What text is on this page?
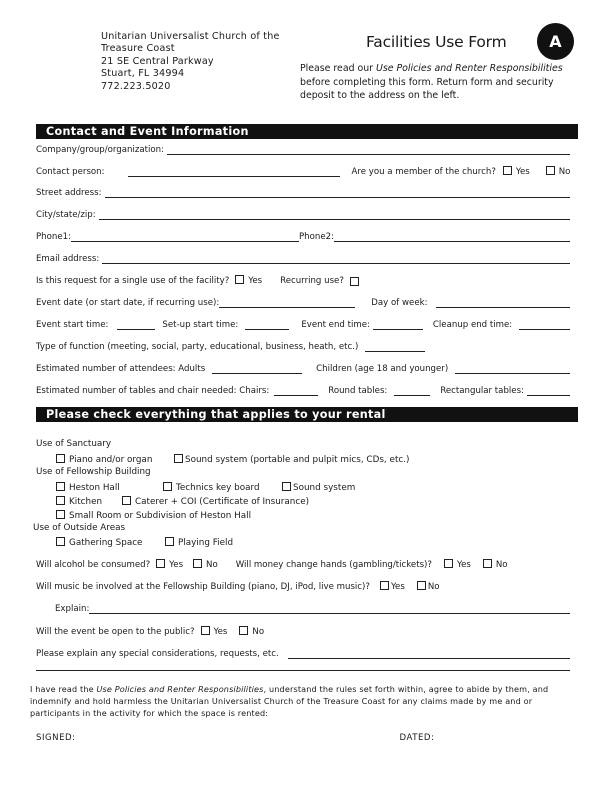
Unitarian Universalist Church of the
Treasure Coast
21 SE Central Parkway
Stuart, FL 34994
772.223.5020
Facilities Use Form	A
Please read our Use Policies and Renter Responsibilities before completing this form. Return form and security deposit to the address on the left.
Contact and Event Information
Company/group/organization:
Contact person:	Are you a member of the church?	Yes	No
Street address:
City/state/zip:
Phone1:	Phone2:
Email address:
Is this request for a single use of the facility?	Yes Recurring use?
Event date (or start date, if recurring use):	Day of week:
Event start time:	Set-up start time:	Event end time:	Cleanup end time:
Type of function (meeting, social, party, educational, business, heath, etc.)
Estimated number of attendees: Adults	Children (age 18 and younger)
Estimated number of tables and chair needed: Chairs:	Round tables:	Rectangular tables:
Please check everything that applies to your rental
Use of Sanctuary
Piano and/or organ	Sound system (portable and pulpit mics, CDs, etc.)
Use of Fellowship Building
Heston Hall	Technics key board	Sound system
Kitchen	Caterer + COI (Certificate of Insurance)
Small Room or Subdivision of Heston Hall
Use of Outside Areas
Gathering Space	Playing Field
Will alcohol be consumed?	Yes	No Will money change hands (gambling/tickets)?	Yes	No
Will music be involved at the Fellowship Building (piano, DJ, iPod, live music)?	Yes	No
Explain:
Will the event be open to the public?	Yes	No
Please explain any special considerations, requests, etc.
I have read the Use Policies and Renter Responsibilities, understand the rules set forth within, agree to abide by them, and indemnify and hold harmless the Unitarian Universalist Church of the Treasure Coast for any claims made by me and or participants in the activity for which the space is rented:
SIGNED:	DATED:
